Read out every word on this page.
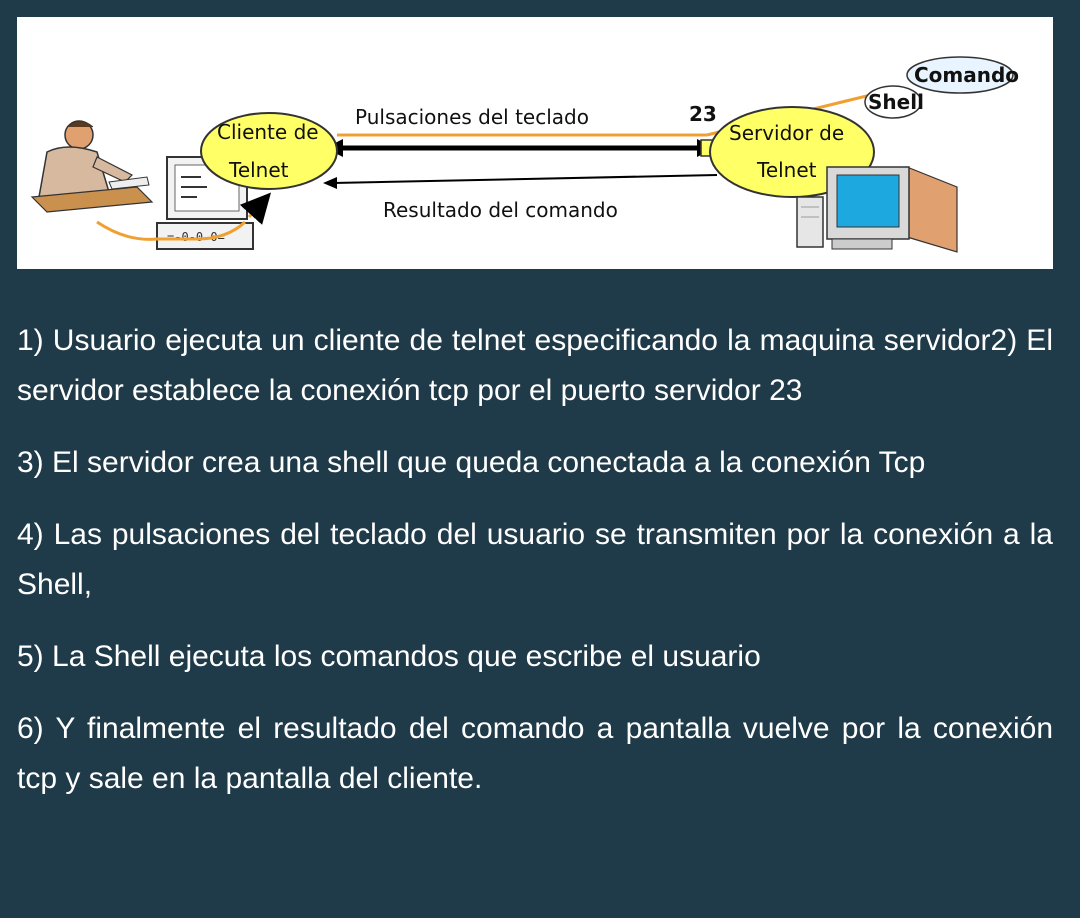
=-0-0-0=
Cliente de
Telnet
Servidor de
Telnet
Shell
Comando
Pulsaciones del teclado	23
Resultado del comando
1) Usuario ejecuta un cliente de telnet especificando la maquina servidor2) El servidor establece la conexión tcp por el puerto servidor 23
3) El servidor crea una shell que queda conectada a la conexión Tcp
4) Las pulsaciones del teclado del usuario se transmiten por la conexión a la Shell,
5) La Shell ejecuta los comandos que escribe el usuario
6) Y finalmente el resultado del comando a pantalla vuelve por la conexión tcp y sale en la pantalla del cliente.
